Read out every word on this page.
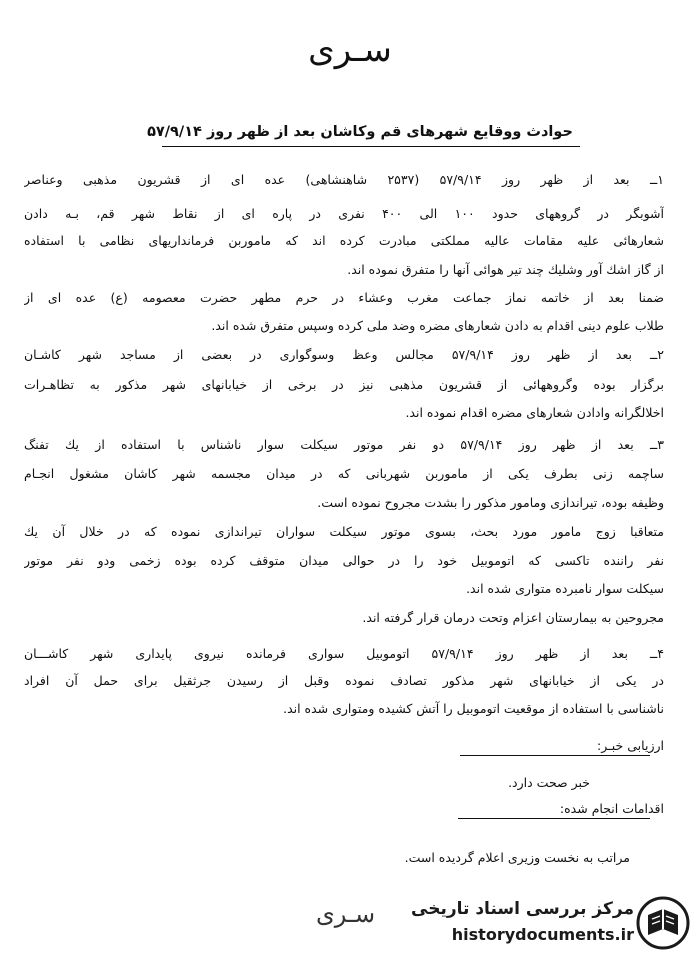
سـرى
حوادث ووقايع شهرهاى قم وكاشان بعد از ظهر روز ۵۷/۹/۱۴
۱ــ بعد از ظهر روز ۵۷/۹/۱۴ (۲۵۳۷ شاهنشاهى) عده اى از قشريون مذهبى وعناصر
آشوبگر در گروههاى حدود ۱۰۰ الى ۴۰۰ نفرى در پاره اى از نقاط شهر قم، بـه دادن
شعارهائى عليه مقامات عاليه مملكتى مبادرت كرده اند كه ماموربن فرمانداريهاى نظامى با استفاده
از گاز اشك آور وشليك چند تير هوائى آنها را متفرق نموده اند.
ضمنا بعد از خاتمه نماز جماعت مغرب وعشاء در حرم مطهر حضرت معصومه (ع) عده اى از
طلاب علوم دينى اقدام به دادن شعارهاى مضره وضد ملى كرده وسپس متفرق شده اند.
۲ــ بعد از ظهر روز ۵۷/۹/۱۴ مجالس وعظ وسوگوارى در بعضى از مساجد شهر كاشـان
برگزار بوده وگروههائى از قشريون مذهبى نيز در برخى از خيابانهاى شهر مذكور به تظاهـرات
اخلالگرانه وادادن شعارهاى مضره اقدام نموده اند.
۳ــ بعد از ظهر روز ۵۷/۹/۱۴ دو نفر موتور سيكلت سوار ناشناس با استفاده از يك تفنگ
ساچمه زنى بطرف يكى از ماموربن شهربانى كه در ميدان مجسمه شهر كاشان مشغول انجـام
وظيفه بوده، تيراندازى ومامور مذكور را بشدت مجروح نموده است.
متعاقبا زوج مامور مورد بحث، بسوى موتور سيكلت سواران تيراندازى نموده كه در خلال آن يك
نفر راننده تاكسى كه اتوموبيل خود را در حوالى ميدان متوقف كرده بوده زخمى ودو نفر موتور
سيكلت سوار نامبرده متوارى شده اند.
مجروحين به بيمارستان اعزام وتحت درمان قرار گرفته اند.
۴ــ بعد از ظهر روز ۵۷/۹/۱۴ اتوموبيل سوارى فرمانده نيروى پايدارى شهر كاشـــان
در يكى از خيابانهاى شهر مذكور تصادف نموده وقبل از رسيدن جرثقيل براى حمل آن افراد
ناشناسى با استفاده از موقعيت اتوموبيل را آتش كشيده ومتوارى شده اند.
ارزيابى خبـر:
خبر صحت دارد.
اقدامات انجام شده:
مراتب به نخست وزيرى اعلام گرديده است.
سـرى مركز بررسى اسناد تاريخى
historydocuments.ir
